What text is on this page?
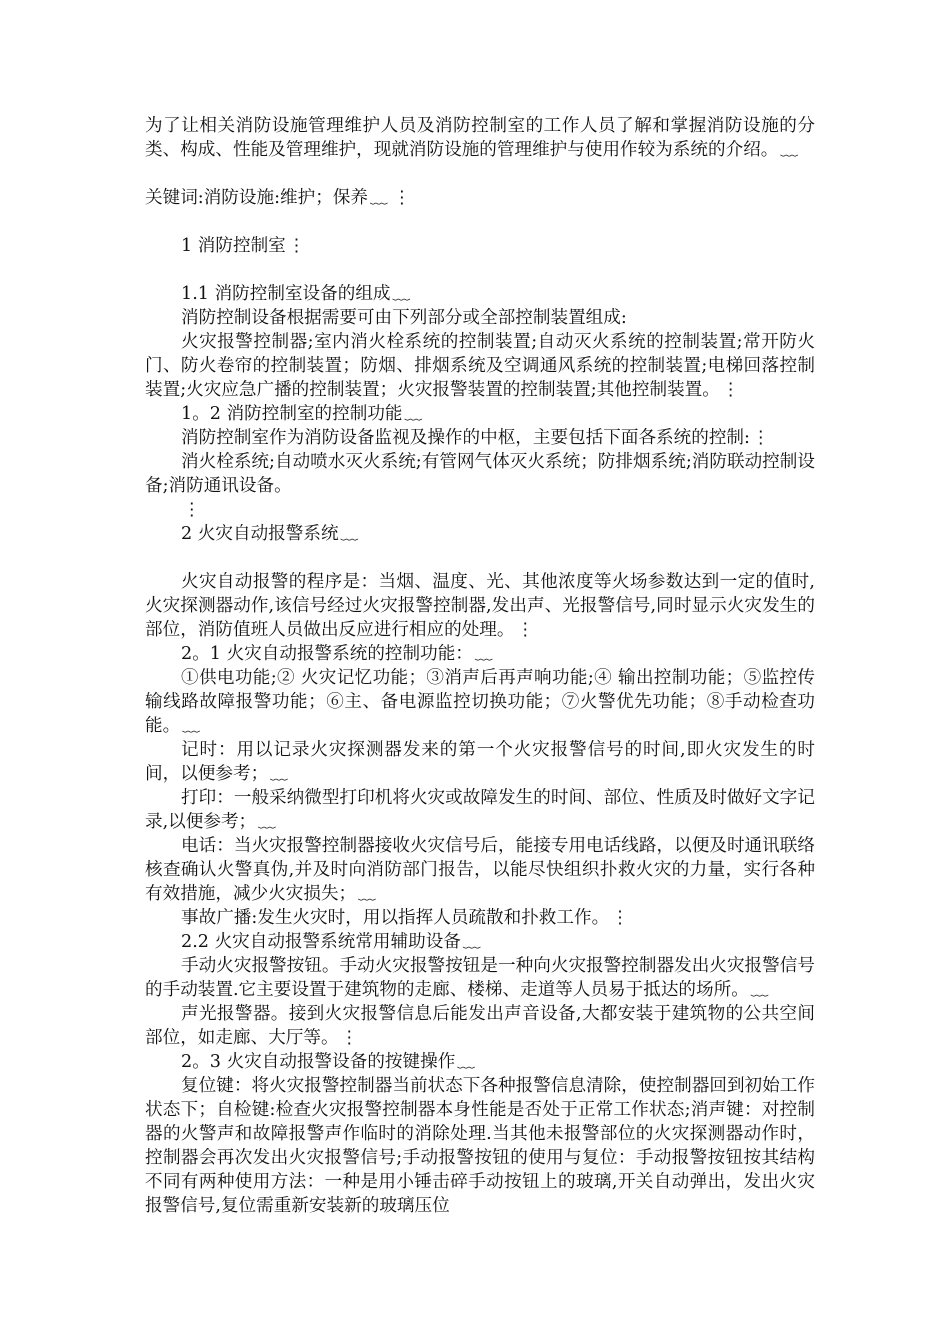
为了让相关消防设施管理维护人员及消防控制室的工作人员了解和掌握消防设施的分类、构成、性能及管理维护，现就消防设施的管理维护与使用作较为系统的介绍。 ﹏

关键词:消防设施:维护；保养 ﹏ ⋮

1 消防控制室 ⋮

1.1 消防控制室设备的组成 ﹏

消防控制设备根据需要可由下列部分或全部控制装置组成:

火灾报警控制器;室内消火栓系统的控制装置;自动灭火系统的控制装置;常开防火门、防火卷帘的控制装置；防烟、排烟系统及空调通风系统的控制装置;电梯回落控制装置;火灾应急广播的控制装置；火灾报警装置的控制装置;其他控制装置。 ⋮

1。2 消防控制室的控制功能 ﹏

消防控制室作为消防设备监视及操作的中枢，主要包括下面各系统的控制: ⋮

消火栓系统;自动喷水灭火系统;有管网气体灭火系统；防排烟系统;消防联动控制设备;消防通讯设备。

⋮

2 火灾自动报警系统 ﹏

火灾自动报警的程序是：当烟、温度、光、其他浓度等火场参数达到一定的值时,火灾探测器动作,该信号经过火灾报警控制器,发出声、光报警信号,同时显示火灾发生的部位，消防值班人员做出反应进行相应的处理。 ⋮

2。1 火灾自动报警系统的控制功能： ﹏

①供电功能;② 火灾记忆功能；③消声后再声响功能;④ 输出控制功能；⑤监控传输线路故障报警功能；⑥主、备电源监控切换功能；⑦火警优先功能；⑧手动检查功能。 ﹏

记时：用以记录火灾探测器发来的第一个火灾报警信号的时间,即火灾发生的时间，以便参考； ﹏

打印：一般采纳微型打印机将火灾或故障发生的时间、部位、性质及时做好文字记录,以便参考； ﹏

电话：当火灾报警控制器接收火灾信号后，能接专用电话线路，以便及时通讯联络核查确认火警真伪,并及时向消防部门报告，以能尽快组织扑救火灾的力量，实行各种有效措施，减少火灾损失； ﹏

事故广播:发生火灾时，用以指挥人员疏散和扑救工作。 ⋮

2.2 火灾自动报警系统常用辅助设备 ﹏

手动火灾报警按钮。手动火灾报警按钮是一种向火灾报警控制器发出火灾报警信号的手动装置.它主要设置于建筑物的走廊、楼梯、走道等人员易于抵达的场所。 ﹏

声光报警器。接到火灾报警信息后能发出声音设备,大都安装于建筑物的公共空间部位，如走廊、大厅等。 ⋮

2。3 火灾自动报警设备的按键操作 ﹏

复位键：将火灾报警控制器当前状态下各种报警信息清除，使控制器回到初始工作状态下；自检键:检查火灾报警控制器本身性能是否处于正常工作状态;消声键：对控制器的火警声和故障报警声作临时的消除处理.当其他未报警部位的火灾探测器动作时，控制器会再次发出火灾报警信号;手动报警按钮的使用与复位：手动报警按钮按其结构不同有两种使用方法：一种是用小锤击碎手动按钮上的玻璃,开关自动弹出，发出火灾报警信号,复位需重新安装新的玻璃压位
